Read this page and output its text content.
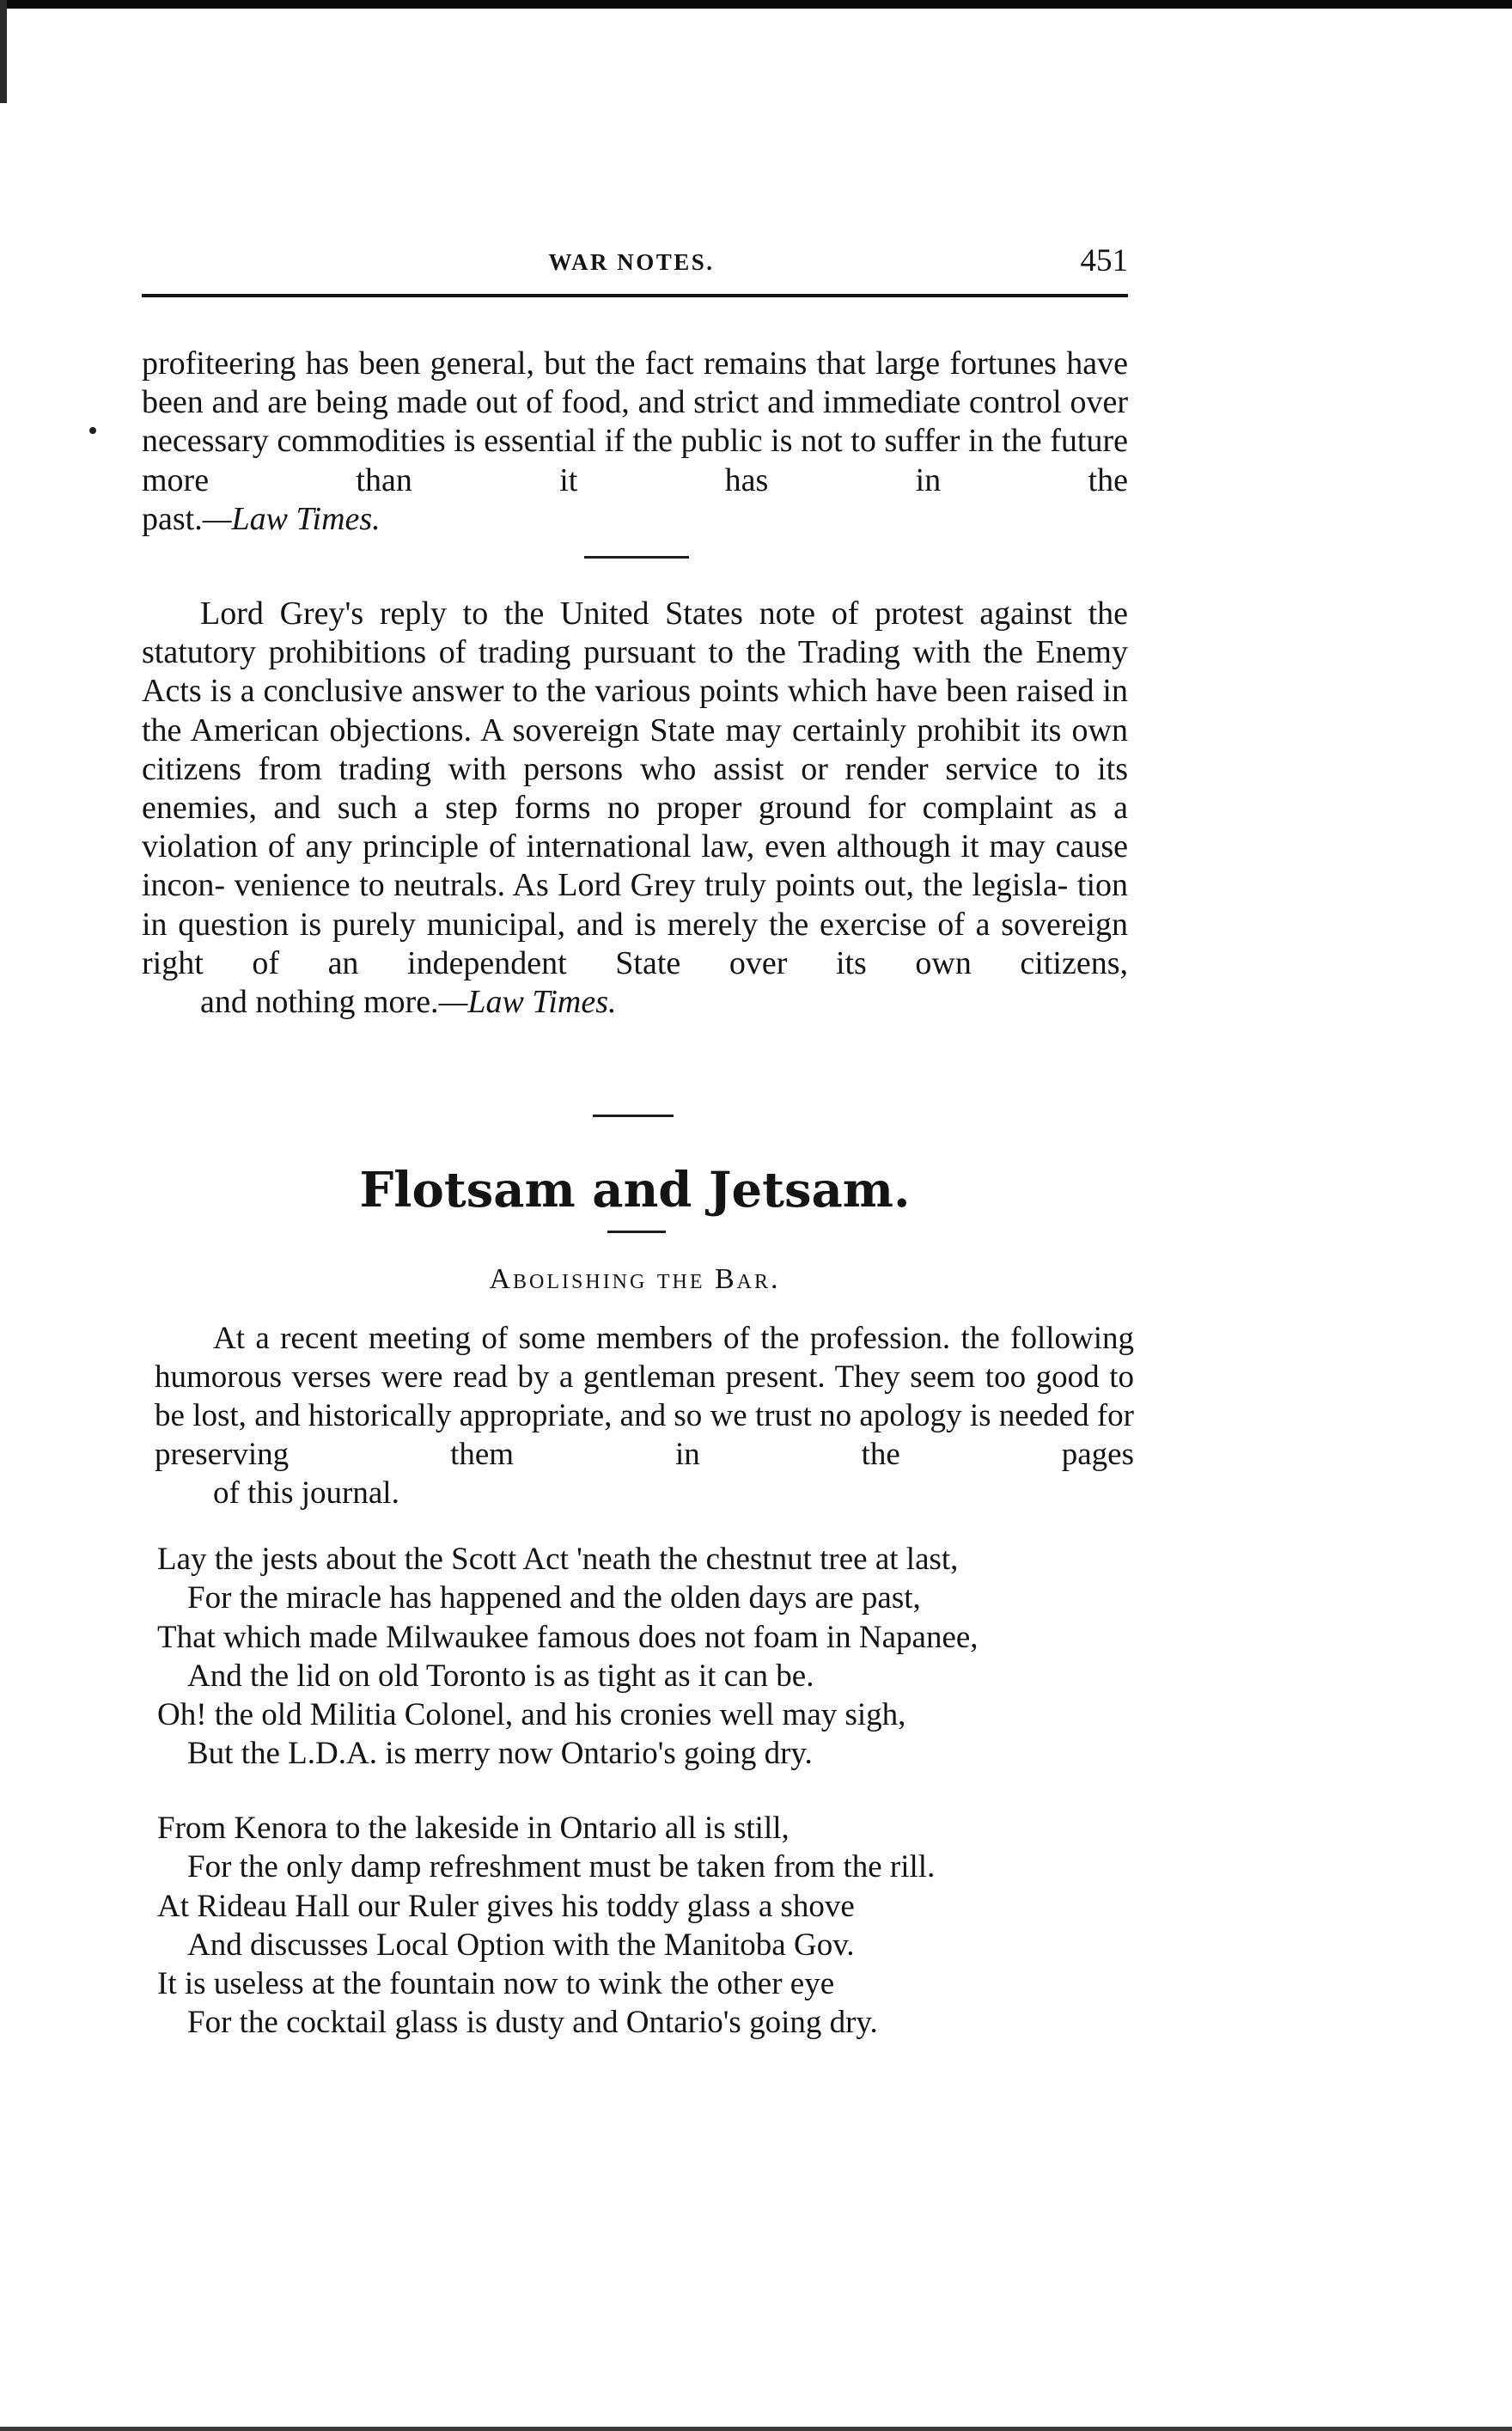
WAR NOTES.	451

profiteering has been general, but the fact remains that large fortunes have been and are being made out of food, and strict and immediate control over necessary commodities is essential if the public is not to suffer in the future more than it has in the
past.—Law Times.

Lord Grey's reply to the United States note of protest against the statutory prohibitions of trading pursuant to the Trading with the Enemy Acts is a conclusive answer to the various points which have been raised in the American objections. A sovereign State may certainly prohibit its own citizens from trading with persons who assist or render service to its enemies, and such a step forms no proper ground for complaint as a violation of any principle of international law, even although it may cause incon- venience to neutrals. As Lord Grey truly points out, the legisla- tion in question is purely municipal, and is merely the exercise of a sovereign right of an independent State over its own citizens,
and nothing more.—Law Times.

Flotsam and Jetsam.
Abolishing the Bar.

At a recent meeting of some members of the profession. the following humorous verses were read by a gentleman present. They seem too good to be lost, and historically appropriate, and so we trust no apology is needed for preserving them in the pages
of this journal.

Lay the jests about the Scott Act 'neath the chestnut tree at last,
For the miracle has happened and the olden days are past,
That which made Milwaukee famous does not foam in Napanee,
And the lid on old Toronto is as tight as it can be.
Oh! the old Militia Colonel, and his cronies well may sigh,
But the L.D.A. is merry now Ontario's going dry.
From Kenora to the lakeside in Ontario all is still,
For the only damp refreshment must be taken from the rill.
At Rideau Hall our Ruler gives his toddy glass a shove
And discusses Local Option with the Manitoba Gov.
It is useless at the fountain now to wink the other eye
For the cocktail glass is dusty and Ontario's going dry.
